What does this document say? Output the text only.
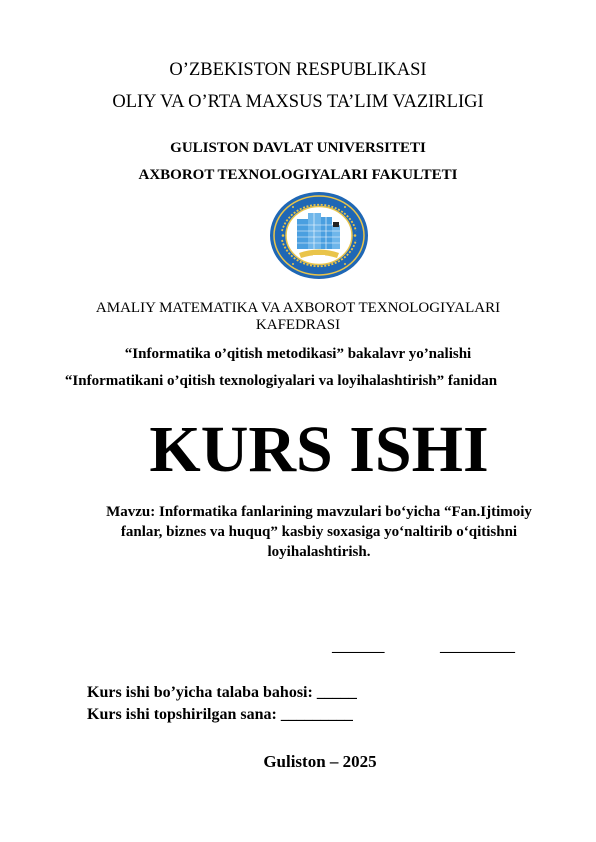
O’ZBEKISTON RESPUBLIKASI
OLIY VA O’RTA MAXSUS TA’LIM VAZIRLIGI
GULISTON DAVLAT UNIVERSITETI
AXBOROT TEXNOLOGIYALARI FAKULTETI
AMALIY MATEMATIKA VA AXBOROT TEXNOLOGIYALARI
KAFEDRASI
“Informatika o’qitish metodikasi” bakalavr yo’nalishi
“Informatikani o’qitish texnologiyalari va loyihalashtirish” fanidan
KURS ISHI
Mavzu: Informatika fanlarining mavzulari bo‘yicha “Fan.Ijtimoiy
fanlar, biznes va huquq” kasbiy soxasiga yo‘naltirib o‘qitishni
loyihalashtirish.
_______	__________
Kurs ishi bo’yicha talaba bahosi: _____
Kurs ishi topshirilgan sana: _________
Guliston – 2025
